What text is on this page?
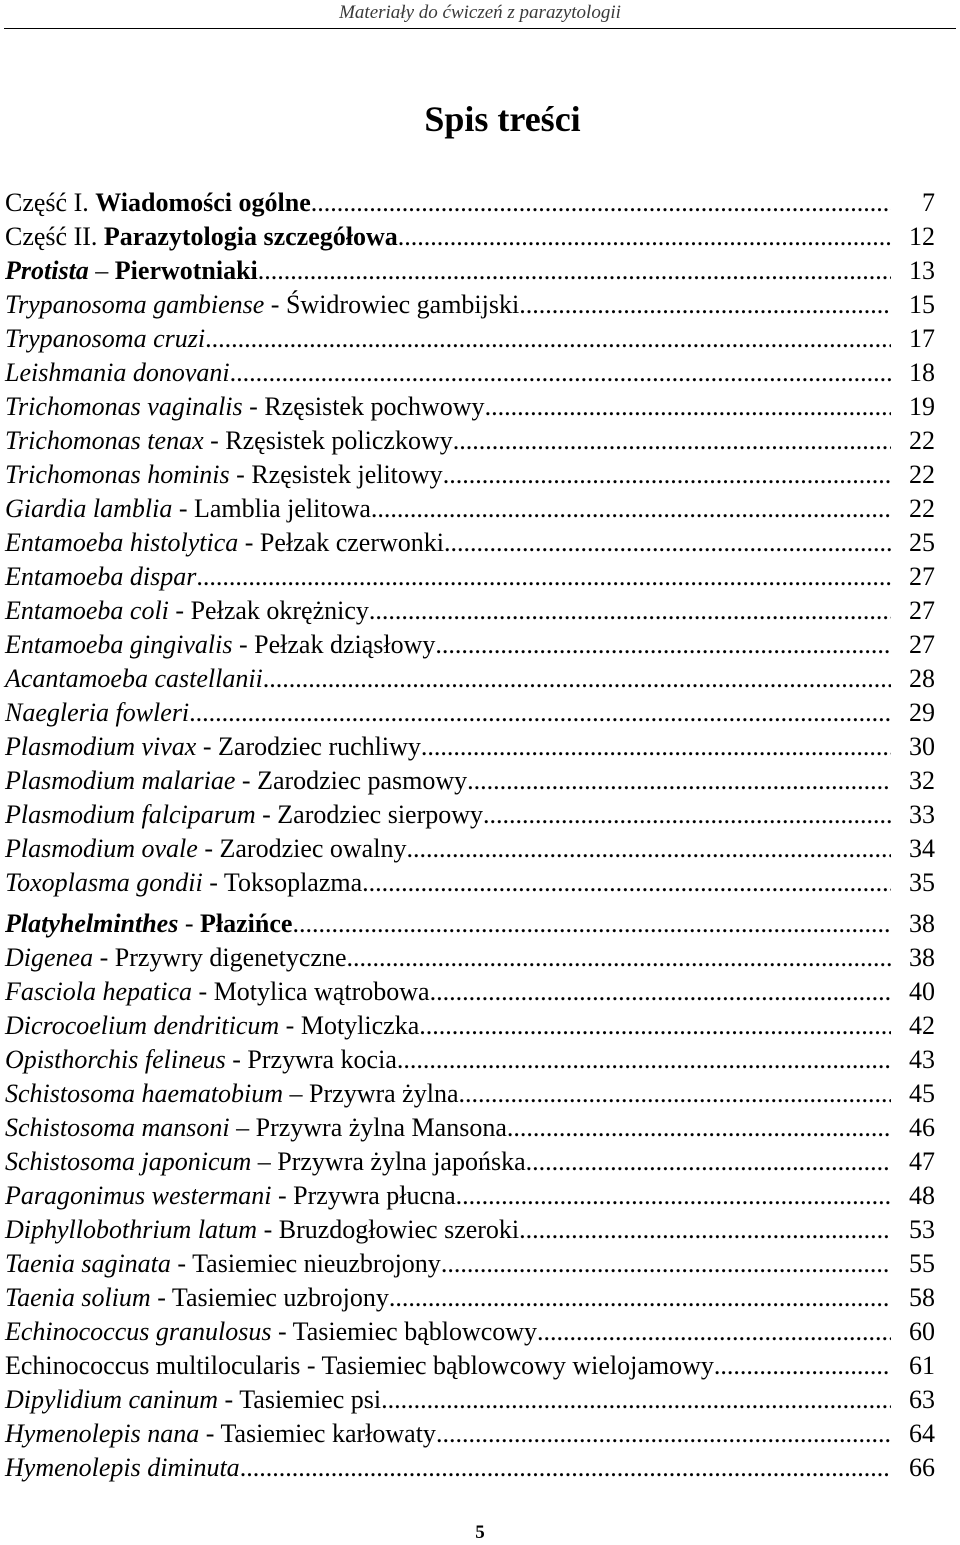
Materiały do ćwiczeń z parazytologii
Spis treści
Część I. Wiadomości ogólne .....	7
Część II. Parazytologia szczegółowa .....	12
Protista – Pierwotniaki .....	13
Trypanosoma gambiense - Świdrowiec gambijski .....	15
Trypanosoma cruzi .....	17
Leishmania donovani .....	18
Trichomonas vaginalis - Rzęsistek pochwowy .....	19
Trichomonas tenax - Rzęsistek policzkowy .....	22
Trichomonas hominis - Rzęsistek jelitowy .....	22
Giardia lamblia - Lamblia jelitowa .....	22
Entamoeba histolytica - Pełzak czerwonki .....	25
Entamoeba dispar .....	27
Entamoeba coli - Pełzak okrężnicy .....	27
Entamoeba gingivalis - Pełzak dziąsłowy .....	27
Acantamoeba castellanii .....	28
Naegleria fowleri .....	29
Plasmodium vivax - Zarodziec ruchliwy .....	30
Plasmodium malariae - Zarodziec pasmowy .....	32
Plasmodium falciparum - Zarodziec sierpowy .....	33
Plasmodium ovale - Zarodziec owalny .....	34
Toxoplasma gondii - Toksoplazma .....	35
Platyhelminthes - Płazińce .....	38
Digenea - Przywry digenetyczne .....	38
Fasciola hepatica - Motylica wątrobowa .....	40
Dicrocoelium dendriticum - Motyliczka .....	42
Opisthorchis felineus - Przywra kocia .....	43
Schistosoma haematobium – Przywra żylna .....	45
Schistosoma mansoni – Przywra żylna Mansona .....	46
Schistosoma japonicum – Przywra żylna japońska .....	47
Paragonimus westermani - Przywra płucna .....	48
Diphyllobothrium latum - Bruzdogłowiec szeroki .....	53
Taenia saginata - Tasiemiec nieuzbrojony .....	55
Taenia solium - Tasiemiec uzbrojony .....	58
Echinococcus granulosus - Tasiemiec bąblowcowy .....	60
Echinococcus multilocularis - Tasiemiec bąblowcowy wielojamowy .....	61
Dipylidium caninum - Tasiemiec psi .....	63
Hymenolepis nana - Tasiemiec karłowaty .....	64
Hymenolepis diminuta .....	66
5
